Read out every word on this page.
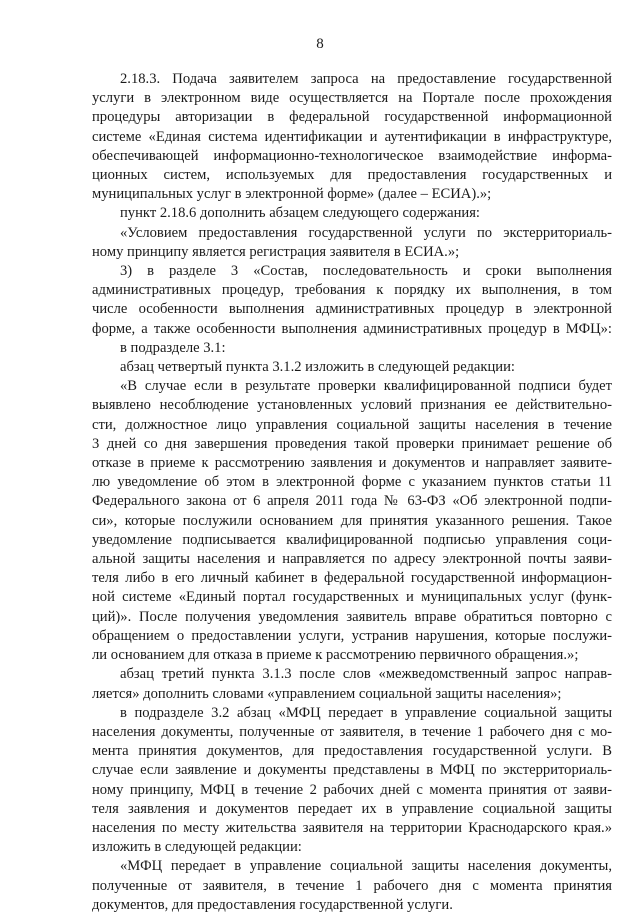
8
2.18.3. Подача заявителем запроса на предоставление государственной
услуги в электронном виде осуществляется на Портале после прохождения
процедуры авторизации в федеральной государственной информационной
системе «Единая система идентификации и аутентификации в инфраструктуре,
обеспечивающей информационно-технологическое взаимодействие информа-
ционных систем, используемых для предоставления государственных и
муниципальных услуг в электронной форме» (далее – ЕСИА).»;
пункт 2.18.6 дополнить абзацем следующего содержания:
«Условием предоставления государственной услуги по экстерриториаль-
ному принципу является регистрация заявителя в ЕСИА.»;
3) в разделе 3 «Состав, последовательность и сроки выполнения
административных процедур, требования к порядку их выполнения, в том
числе особенности выполнения административных процедур в электронной
форме, а также особенности выполнения административных процедур в МФЦ»:
в подразделе 3.1:
абзац четвертый пункта 3.1.2 изложить в следующей редакции:
«В случае если в результате проверки квалифицированной подписи будет
выявлено несоблюдение установленных условий признания ее действительно-
сти, должностное лицо управления социальной защиты населения в течение
3 дней со дня завершения проведения такой проверки принимает решение об
отказе в приеме к рассмотрению заявления и документов и направляет заявите-
лю уведомление об этом в электронной форме с указанием пунктов статьи 11
Федерального закона от 6 апреля 2011 года № 63-ФЗ «Об электронной подпи-
си», которые послужили основанием для принятия указанного решения. Такое
уведомление подписывается квалифицированной подписью управления соци-
альной защиты населения и направляется по адресу электронной почты заяви-
теля либо в его личный кабинет в федеральной государственной информацион-
ной системе «Единый портал государственных и муниципальных услуг (функ-
ций)». После получения уведомления заявитель вправе обратиться повторно с
обращением о предоставлении услуги, устранив нарушения, которые послужи-
ли основанием для отказа в приеме к рассмотрению первичного обращения.»;
абзац третий пункта 3.1.3 после слов «межведомственный запрос направ-
ляется» дополнить словами «управлением социальной защиты населения»;
в подразделе 3.2 абзац «МФЦ передает в управление социальной защиты
населения документы, полученные от заявителя, в течение 1 рабочего дня с мо-
мента принятия документов, для предоставления государственной услуги. В
случае если заявление и документы представлены в МФЦ по экстерриториаль-
ному принципу, МФЦ в течение 2 рабочих дней с момента принятия от заяви-
теля заявления и документов передает их в управление социальной защиты
населения по месту жительства заявителя на территории Краснодарского края.»
изложить в следующей редакции:
«МФЦ передает в управление социальной защиты населения документы,
полученные от заявителя, в течение 1 рабочего дня с момента принятия
документов, для предоставления государственной услуги.
